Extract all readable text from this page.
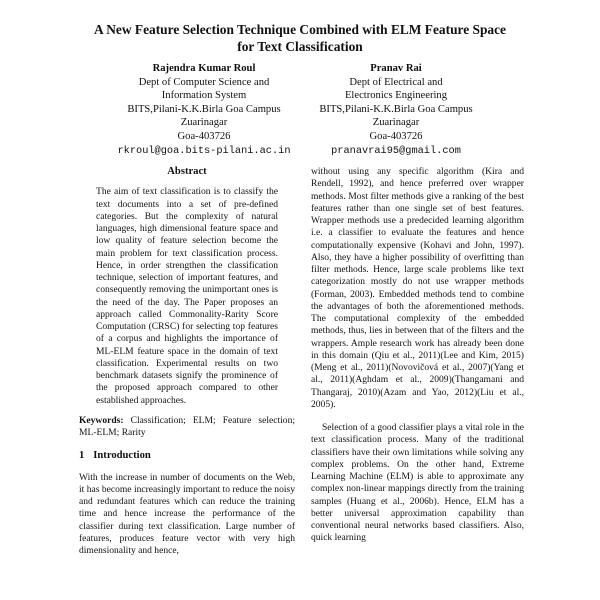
A New Feature Selection Technique Combined with ELM Feature Space
for Text Classification
Rajendra Kumar Roul
Dept of Computer Science and
Information System
BITS,Pilani-K.K.Birla Goa Campus
Zuarinagar
Goa-403726
rkroul@goa.bits-pilani.ac.in
Pranav Rai
Dept of Electrical and
Electronics Engineering
BITS,Pilani-K.K.Birla Goa Campus
Zuarinagar
Goa-403726
pranavrai95@gmail.com
Abstract

The aim of text classification is to classify the text documents into a set of pre-defined categories. But the complexity of natural languages, high dimensional feature space and low quality of feature selection become the main problem for text classification process. Hence, in order strengthen the classification technique, selection of important features, and consequently removing the unimportant ones is the need of the day. The Paper proposes an approach called Commonality-Rarity Score Computation (CRSC) for selecting top features of a corpus and highlights the importance of ML-ELM feature space in the domain of text classification. Experimental results on two benchmark datasets signify the prominence of the proposed approach compared to other established approaches.

Keywords: Classification; ELM; Feature selection; ML-ELM; Rarity
1 Introduction

With the increase in number of documents on the Web, it has become increasingly important to reduce the noisy and redundant features which can reduce the training time and hence increase the performance of the classifier during text classification. Large number of features, produces feature vector with very high dimensionality and hence,

without using any specific algorithm (Kira and Rendell, 1992), and hence preferred over wrapper methods. Most filter methods give a ranking of the best features rather than one single set of best features. Wrapper methods use a predecided learning algorithm i.e. a classifier to evaluate the features and hence computationally expensive (Kohavi and John, 1997). Also, they have a higher possibility of overfitting than filter methods. Hence, large scale problems like text categorization mostly do not use wrapper methods (Forman, 2003). Embedded methods tend to combine the advantages of both the aforementioned methods. The computational complexity of the embedded methods, thus, lies in between that of the filters and the wrappers. Ample research work has already been done in this domain (Qiu et al., 2011)(Lee and Kim, 2015)(Meng et al., 2011)(Novovičová et al., 2007)(Yang et al., 2011)(Aghdam et al., 2009)(Thangamani and Thangaraj, 2010)(Azam and Yao, 2012)(Liu et al., 2005).

Selection of a good classifier plays a vital role in the text classification process. Many of the traditional classifiers have their own limitations while solving any complex problems. On the other hand, Extreme Learning Machine (ELM) is able to approximate any complex non-linear mappings directly from the training samples (Huang et al., 2006b). Hence, ELM has a better universal approximation capability than conventional neural networks based classifiers. Also, quick learning
